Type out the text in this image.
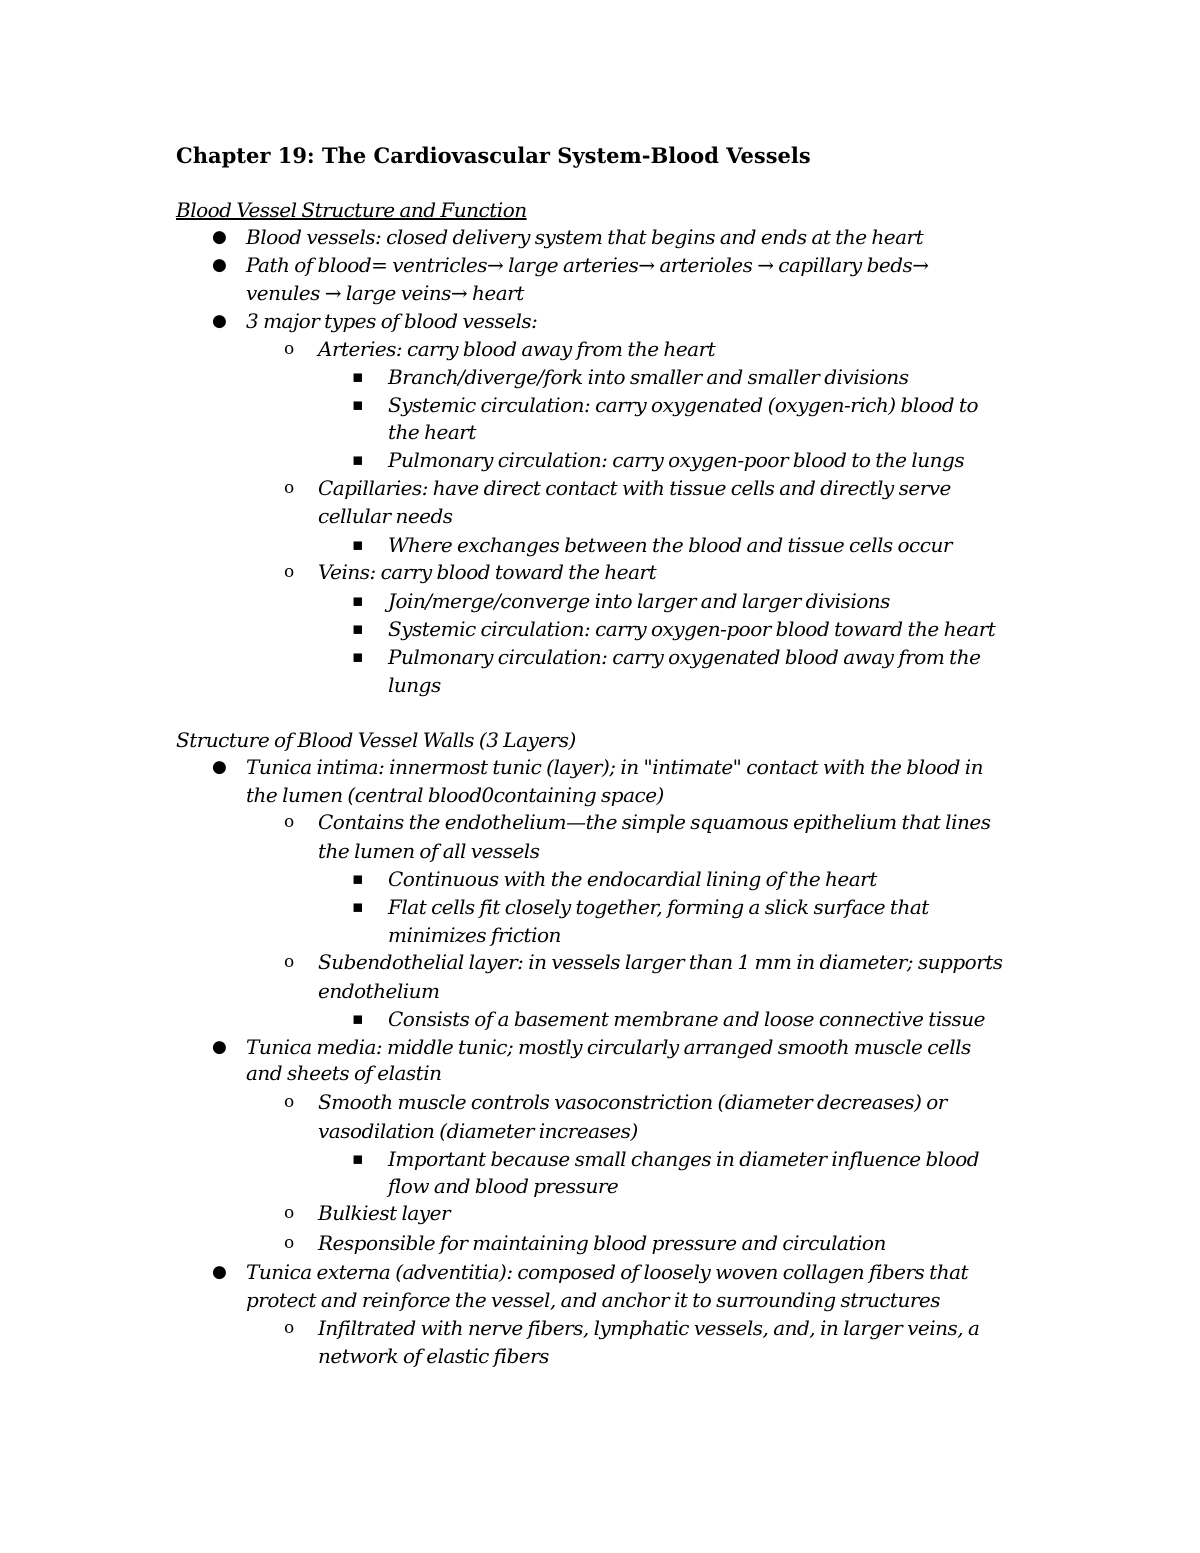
Chapter 19: The Cardiovascular System-Blood Vessels

Blood Vessel Structure and Function

● Blood vessels: closed delivery system that begins and ends at the heart

● Path of blood= ventricles→ large arteries→ arterioles → capillary beds→

venules → large veins→ heart

● 3 major types of blood vessels:

o Arteries: carry blood away from the heart

▪ Branch/diverge/fork into smaller and smaller divisions

▪ Systemic circulation: carry oxygenated (oxygen-rich) blood to

the heart

▪ Pulmonary circulation: carry oxygen-poor blood to the lungs

o Capillaries: have direct contact with tissue cells and directly serve

cellular needs

▪ Where exchanges between the blood and tissue cells occur

o Veins: carry blood toward the heart

▪ Join/merge/converge into larger and larger divisions

▪ Systemic circulation: carry oxygen-poor blood toward the heart

▪ Pulmonary circulation: carry oxygenated blood away from the

lungs

Structure of Blood Vessel Walls (3 Layers)

● Tunica intima: innermost tunic (layer); in "intimate" contact with the blood in

the lumen (central blood0containing space)

o Contains the endothelium—the simple squamous epithelium that lines

the lumen of all vessels

▪ Continuous with the endocardial lining of the heart

▪ Flat cells fit closely together, forming a slick surface that

minimizes friction

o Subendothelial layer: in vessels larger than 1 mm in diameter; supports

endothelium

▪ Consists of a basement membrane and loose connective tissue

● Tunica media: middle tunic; mostly circularly arranged smooth muscle cells

and sheets of elastin

o Smooth muscle controls vasoconstriction (diameter decreases) or

vasodilation (diameter increases)

▪ Important because small changes in diameter influence blood

flow and blood pressure

o Bulkiest layer

o Responsible for maintaining blood pressure and circulation

● Tunica externa (adventitia): composed of loosely woven collagen fibers that

protect and reinforce the vessel, and anchor it to surrounding structures

o Infiltrated with nerve fibers, lymphatic vessels, and, in larger veins, a

network of elastic fibers
